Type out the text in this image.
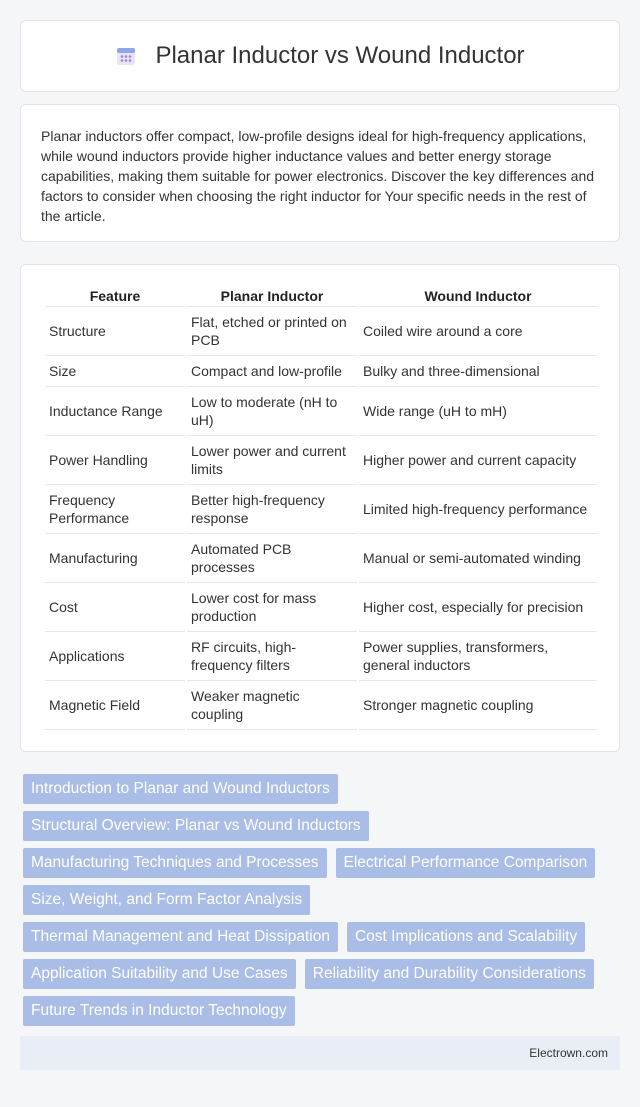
Planar Inductor vs Wound Inductor

Planar inductors offer compact, low-profile designs ideal for high-frequency applications, while wound inductors provide higher inductance values and better energy storage capabilities, making them suitable for power electronics. Discover the key differences and factors to consider when choosing the right inductor for Your specific needs in the rest of the article.

Feature	Planar Inductor	Wound Inductor
Structure	Flat, etched or printed on PCB	Coiled wire around a core
Size	Compact and low-profile	Bulky and three-dimensional
Inductance Range	Low to moderate (nH to uH)	Wide range (uH to mH)
Power Handling	Lower power and current limits	Higher power and current capacity
Frequency Performance	Better high-frequency response	Limited high-frequency performance
Manufacturing	Automated PCB processes	Manual or semi-automated winding
Cost	Lower cost for mass production	Higher cost, especially for precision
Applications	RF circuits, high-frequency filters	Power supplies, transformers, general inductors
Magnetic Field	Weaker magnetic coupling	Stronger magnetic coupling
Introduction to Planar and Wound Inductors
Structural Overview: Planar vs Wound Inductors
Manufacturing Techniques and Processes	Electrical Performance Comparison
Size, Weight, and Form Factor Analysis
Thermal Management and Heat Dissipation	Cost Implications and Scalability
Application Suitability and Use Cases	Reliability and Durability Considerations
Future Trends in Inductor Technology
Electrown.com
